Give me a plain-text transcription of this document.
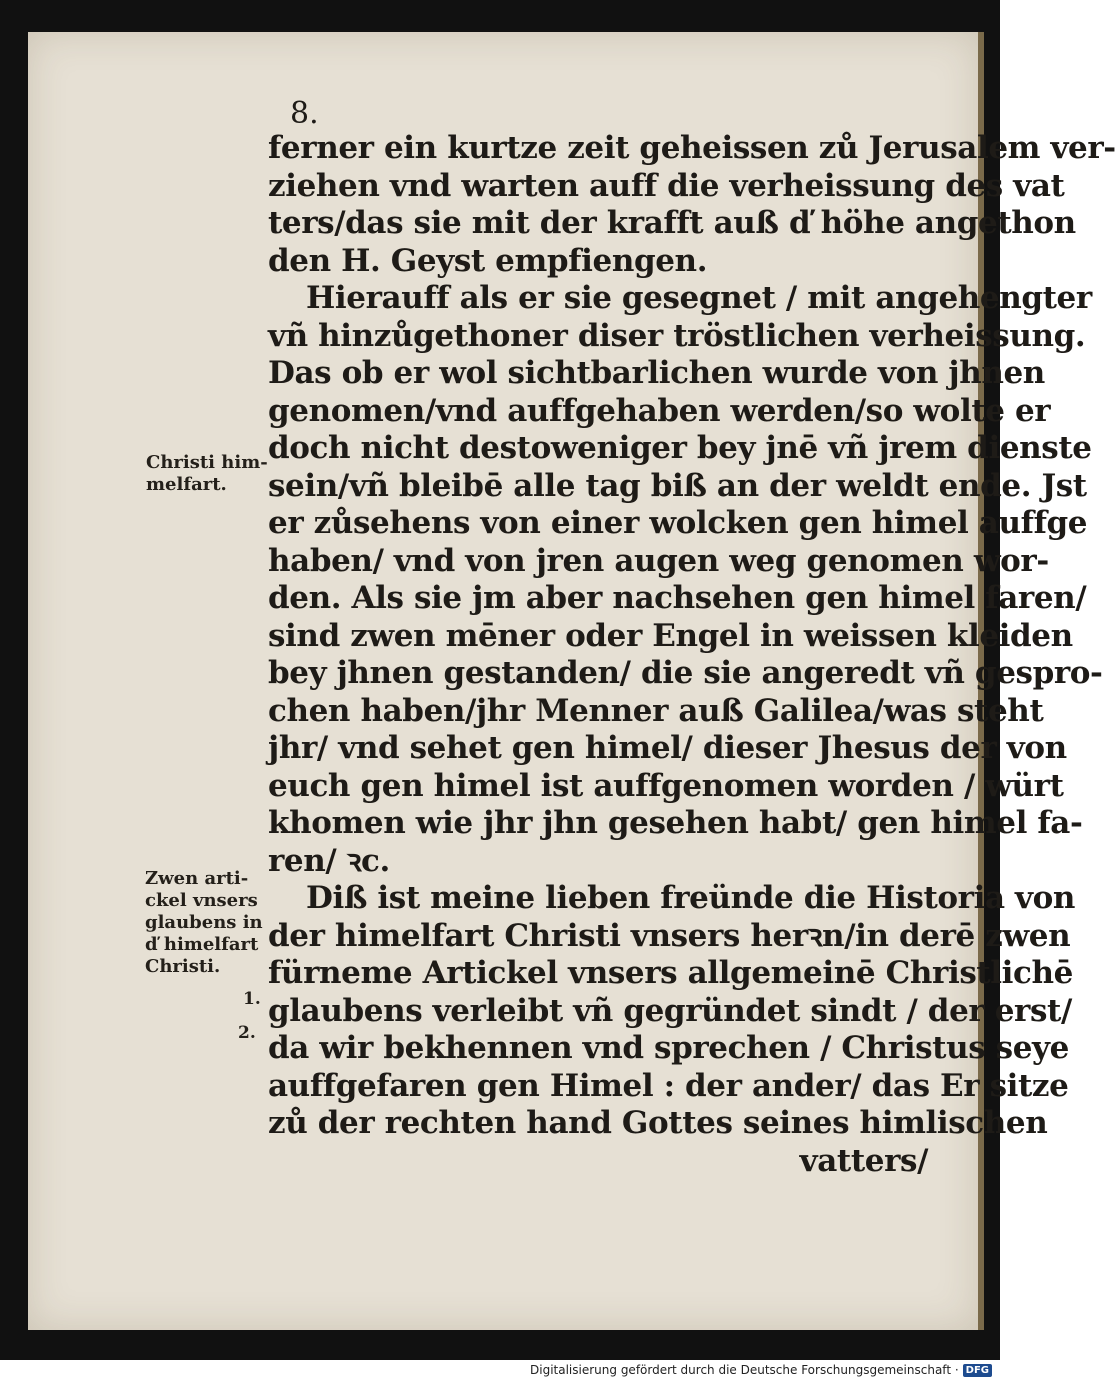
8.
ferner ein kurtze zeit geheissen zů Jerusalem ver-
ziehen vnd warten auff die verheissung des vat
ters/das sie mit der krafft auß ď höhe angethon
den H. Geyst empfiengen.
Hierauff als er sie gesegnet / mit angehengter
vñ hinzůgethoner diser tröstlichen verheissung.
Das ob er wol sichtbarlichen wurde von jhnen
genomen/vnd auffgehaben werden/so wolte er
doch nicht destoweniger bey jnē vñ jrem dienste
sein/vñ bleibē alle tag biß an der weldt ende. Jst
er zůsehens von einer wolcken gen himel auffge
haben/ vnd von jren augen weg genomen wor-
den. Als sie jm aber nachsehen gen himel faren/
sind zwen mēner oder Engel in weissen kleiden
bey jhnen gestanden/ die sie angeredt vñ gespro-
chen haben/jhr Menner auß Galilea/was steht
jhr/ vnd sehet gen himel/ dieser Jhesus der von
euch gen himel ist auffgenomen worden / würt
khomen wie jhr jhn gesehen habt/ gen himel fa-
ren/ ꝛc.
Diß ist meine lieben freünde die Historia von
der himelfart Christi vnsers herꝛn/in derē zwen
fürneme Artickel vnsers allgemeinē Christlichē
glaubens verleibt vñ gegründet sindt / der erst/
da wir bekhennen vnd sprechen / Christus seye
auffgefaren gen Himel : der ander/ das Er sitze
zů der rechten hand Gottes seines himlischen
vatters/
Christi him-
melfart.
Zwen arti-
ckel vnsers
glaubens in
ď himelfart
Christi.
1.
2.
Digitalisierung gefördert durch die Deutsche Forschungsgemeinschaft · DFG
